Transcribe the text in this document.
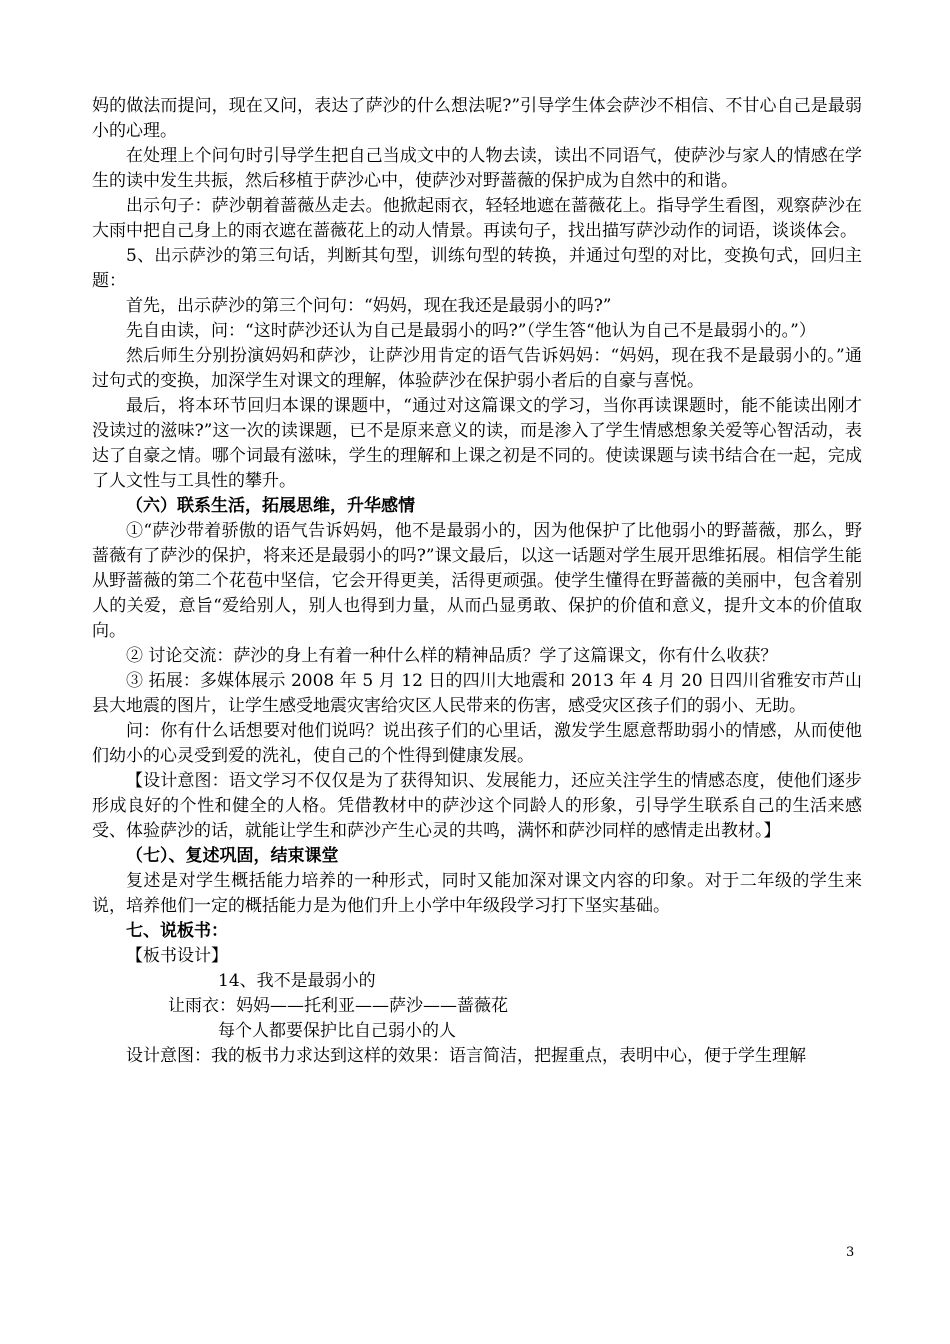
妈的做法而提问，现在又问，表达了萨沙的什么想法呢?”引导学生体会萨沙不相信、不甘心自己是最弱小的心理。

在处理上个问句时引导学生把自己当成文中的人物去读，读出不同语气，使萨沙与家人的情感在学生的读中发生共振，然后移植于萨沙心中，使萨沙对野蔷薇的保护成为自然中的和谐。

出示句子：萨沙朝着蔷薇丛走去。他掀起雨衣，轻轻地遮在蔷薇花上。指导学生看图，观察萨沙在大雨中把自己身上的雨衣遮在蔷薇花上的动人情景。再读句子，找出描写萨沙动作的词语，谈谈体会。

5、出示萨沙的第三句话，判断其句型，训练句型的转换，并通过句型的对比，变换句式，回归主题：

首先，出示萨沙的第三个问句：“妈妈，现在我还是最弱小的吗?”

先自由读，问：“这时萨沙还认为自己是最弱小的吗?”（学生答“他认为自己不是最弱小的。”）

然后师生分别扮演妈妈和萨沙，让萨沙用肯定的语气告诉妈妈：“妈妈，现在我不是最弱小的。”通过句式的变换，加深学生对课文的理解，体验萨沙在保护弱小者后的自豪与喜悦。

最后，将本环节回归本课的课题中，“通过对这篇课文的学习，当你再读课题时，能不能读出刚才没读过的滋味?”这一次的读课题，已不是原来意义的读，而是渗入了学生情感想象关爱等心智活动，表达了自豪之情。哪个词最有滋味，学生的理解和上课之初是不同的。使读课题与读书结合在一起，完成了人文性与工具性的攀升。

（六）联系生活，拓展思维，升华感情

①“萨沙带着骄傲的语气告诉妈妈，他不是最弱小的，因为他保护了比他弱小的野蔷薇，那么，野蔷薇有了萨沙的保护，将来还是最弱小的吗?”课文最后，以这一话题对学生展开思维拓展。相信学生能从野蔷薇的第二个花苞中坚信，它会开得更美，活得更顽强。使学生懂得在野蔷薇的美丽中，包含着别人的关爱，意旨“爱给别人，别人也得到力量，从而凸显勇敢、保护的价值和意义，提升文本的价值取向。

② 讨论交流：萨沙的身上有着一种什么样的精神品质？学了这篇课文，你有什么收获？

③ 拓展：多媒体展示 2008 年 5 月 12 日的四川大地震和 2013 年 4 月 20 日四川省雅安市芦山县大地震的图片，让学生感受地震灾害给灾区人民带来的伤害，感受灾区孩子们的弱小、无助。

问：你有什么话想要对他们说吗？说出孩子们的心里话，激发学生愿意帮助弱小的情感，从而使他们幼小的心灵受到爱的洗礼，使自己的个性得到健康发展。

【设计意图：语文学习不仅仅是为了获得知识、发展能力，还应关注学生的情感态度，使他们逐步形成良好的个性和健全的人格。凭借教材中的萨沙这个同龄人的形象，引导学生联系自己的生活来感受、体验萨沙的话，就能让学生和萨沙产生心灵的共鸣，满怀和萨沙同样的感情走出教材。】

（七）、复述巩固，结束课堂

复述是对学生概括能力培养的一种形式，同时又能加深对课文内容的印象。对于二年级的学生来说，培养他们一定的概括能力是为他们升上小学中年级段学习打下坚实基础。

七、说板书：

【板书设计】

14、我不是最弱小的

让雨衣：妈妈——托利亚——萨沙——蔷薇花

每个人都要保护比自己弱小的人

设计意图：我的板书力求达到这样的效果：语言简洁，把握重点，表明中心，便于学生理解

3
